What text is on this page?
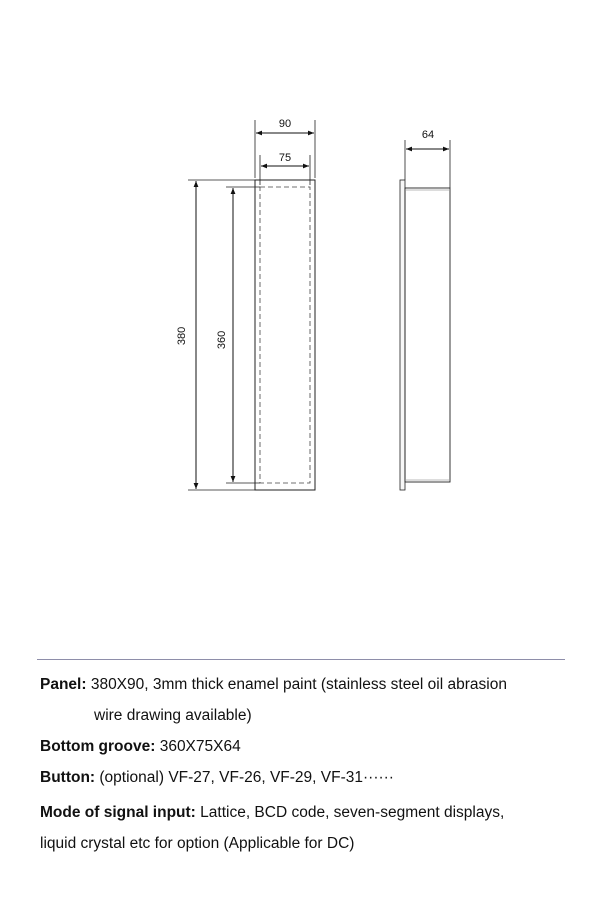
90
75
380	360
64
Panel: 380X90, 3mm thick enamel paint (stainless steel oil abrasion
wire drawing available)
Bottom groove: 360X75X64
Button: (optional) VF-27, VF-26, VF-29, VF-31······
Mode of signal input: Lattice, BCD code, seven-segment displays,
liquid crystal etc for option (Applicable for DC)
